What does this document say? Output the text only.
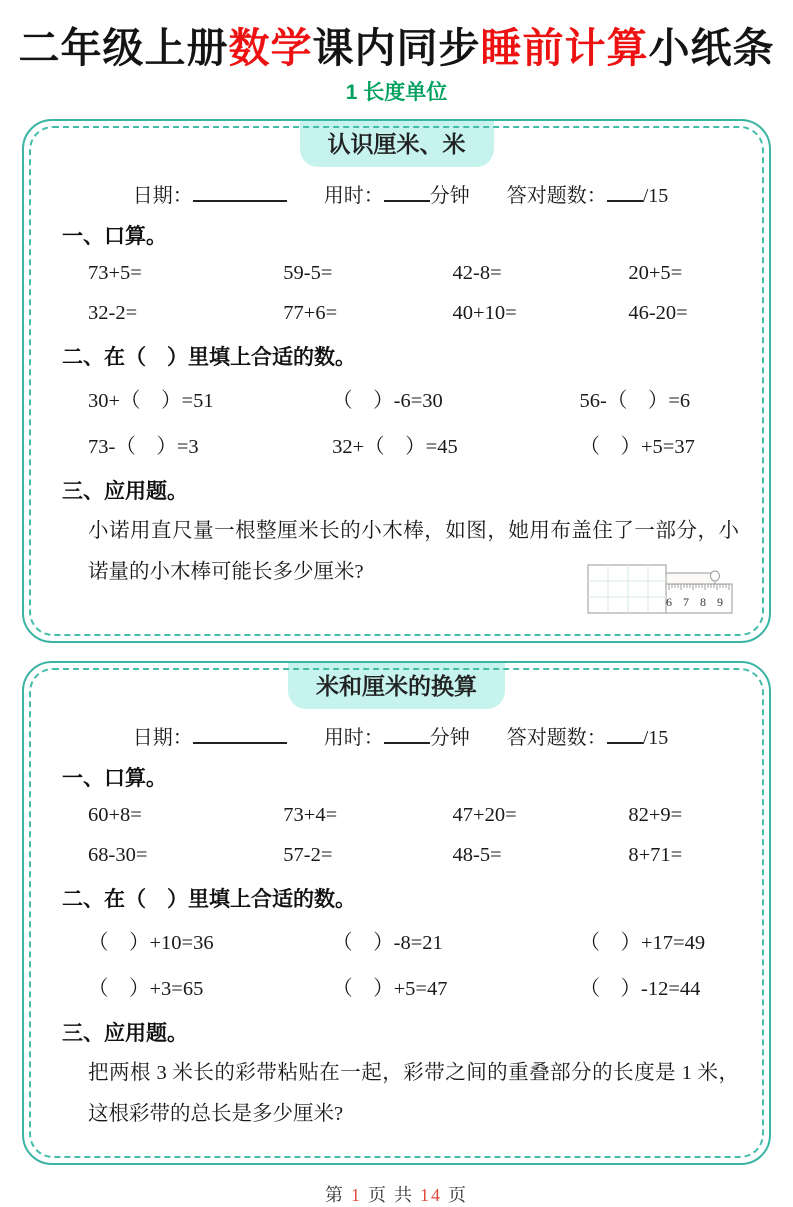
二年级上册数学课内同步睡前计算小纸条
1 长度单位
认识厘米、米
日期：	用时： 分钟 答对题数： /15
一、口算。
73+5=	59-5=	42-8=	20+5=
32-2=	77+6=	40+10=	46-20=
二、在（　）里填上合适的数。
30+（　）=51	（　）-6=30	56-（　）=6
73-（　）=3	32+（　）=45	（　）+5=37
三、应用题。

小诺用直尺量一根整厘米长的小木棒，如图，她用布盖住了一部分，小诺量的小木棒可能长多少厘米?

6 7 8 9
米和厘米的换算
日期：	用时： 分钟 答对题数： /15
一、口算。
60+8=	73+4=	47+20=	82+9=
68-30=	57-2=	48-5=	8+71=
二、在（　）里填上合适的数。
（　）+10=36	（　）-8=21	（　）+17=49
（　）+3=65	（　）+5=47	（　）-12=44
三、应用题。

把两根 3 米长的彩带粘贴在一起，彩带之间的重叠部分的长度是 1 米，这根彩带的总长是多少厘米?

第 1 页 共 14 页
